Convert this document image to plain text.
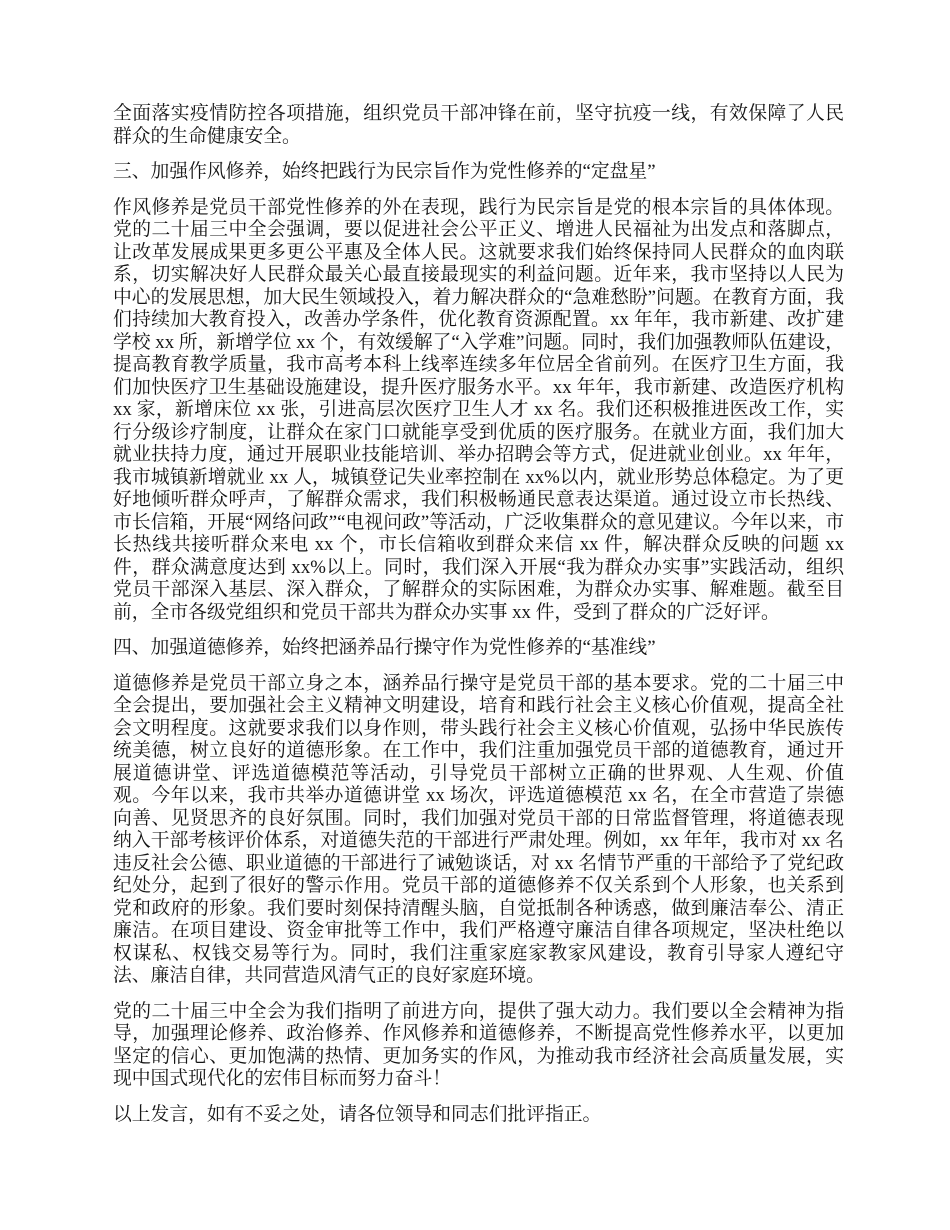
全面落实疫情防控各项措施，组织党员干部冲锋在前，坚守抗疫一线，有效保障了人民群众的生命健康安全。

三、加强作风修养，始终把践行为民宗旨作为党性修养的“定盘星”

作风修养是党员干部党性修养的外在表现，践行为民宗旨是党的根本宗旨的具体体现。党的二十届三中全会强调，要以促进社会公平正义、增进人民福祉为出发点和落脚点，让改革发展成果更多更公平惠及全体人民。这就要求我们始终保持同人民群众的血肉联系，切实解决好人民群众最关心最直接最现实的利益问题。近年来，我市坚持以人民为中心的发展思想，加大民生领域投入，着力解决群众的“急难愁盼”问题。在教育方面，我们持续加大教育投入，改善办学条件，优化教育资源配置。xx 年年，我市新建、改扩建学校 xx 所，新增学位 xx 个，有效缓解了“入学难”问题。同时，我们加强教师队伍建设，提高教育教学质量，我市高考本科上线率连续多年位居全省前列。在医疗卫生方面，我们加快医疗卫生基础设施建设，提升医疗服务水平。xx 年年，我市新建、改造医疗机构 xx 家，新增床位 xx 张，引进高层次医疗卫生人才 xx 名。我们还积极推进医改工作，实行分级诊疗制度，让群众在家门口就能享受到优质的医疗服务。在就业方面，我们加大就业扶持力度，通过开展职业技能培训、举办招聘会等方式，促进就业创业。xx 年年，我市城镇新增就业 xx 人，城镇登记失业率控制在 xx%以内，就业形势总体稳定。为了更好地倾听群众呼声，了解群众需求，我们积极畅通民意表达渠道。通过设立市长热线、市长信箱，开展“网络问政”“电视问政”等活动，广泛收集群众的意见建议。今年以来，市长热线共接听群众来电 xx 个，市长信箱收到群众来信 xx 件，解决群众反映的问题 xx 件，群众满意度达到 xx%以上。同时，我们深入开展“我为群众办实事”实践活动，组织党员干部深入基层、深入群众，了解群众的实际困难，为群众办实事、解难题。截至目前，全市各级党组织和党员干部共为群众办实事 xx 件，受到了群众的广泛好评。

四、加强道德修养，始终把涵养品行操守作为党性修养的“基准线”

道德修养是党员干部立身之本，涵养品行操守是党员干部的基本要求。党的二十届三中全会提出，要加强社会主义精神文明建设，培育和践行社会主义核心价值观，提高全社会文明程度。这就要求我们以身作则，带头践行社会主义核心价值观，弘扬中华民族传统美德，树立良好的道德形象。在工作中，我们注重加强党员干部的道德教育，通过开展道德讲堂、评选道德模范等活动，引导党员干部树立正确的世界观、人生观、价值观。今年以来，我市共举办道德讲堂 xx 场次，评选道德模范 xx 名，在全市营造了崇德向善、见贤思齐的良好氛围。同时，我们加强对党员干部的日常监督管理，将道德表现纳入干部考核评价体系，对道德失范的干部进行严肃处理。例如，xx 年年，我市对 xx 名违反社会公德、职业道德的干部进行了诫勉谈话，对 xx 名情节严重的干部给予了党纪政纪处分，起到了很好的警示作用。党员干部的道德修养不仅关系到个人形象，也关系到党和政府的形象。我们要时刻保持清醒头脑，自觉抵制各种诱惑，做到廉洁奉公、清正廉洁。在项目建设、资金审批等工作中，我们严格遵守廉洁自律各项规定，坚决杜绝以权谋私、权钱交易等行为。同时，我们注重家庭家教家风建设，教育引导家人遵纪守法、廉洁自律，共同营造风清气正的良好家庭环境。

党的二十届三中全会为我们指明了前进方向，提供了强大动力。我们要以全会精神为指导，加强理论修养、政治修养、作风修养和道德修养，不断提高党性修养水平，以更加坚定的信心、更加饱满的热情、更加务实的作风，为推动我市经济社会高质量发展，实现中国式现代化的宏伟目标而努力奋斗！

以上发言，如有不妥之处，请各位领导和同志们批评指正。
